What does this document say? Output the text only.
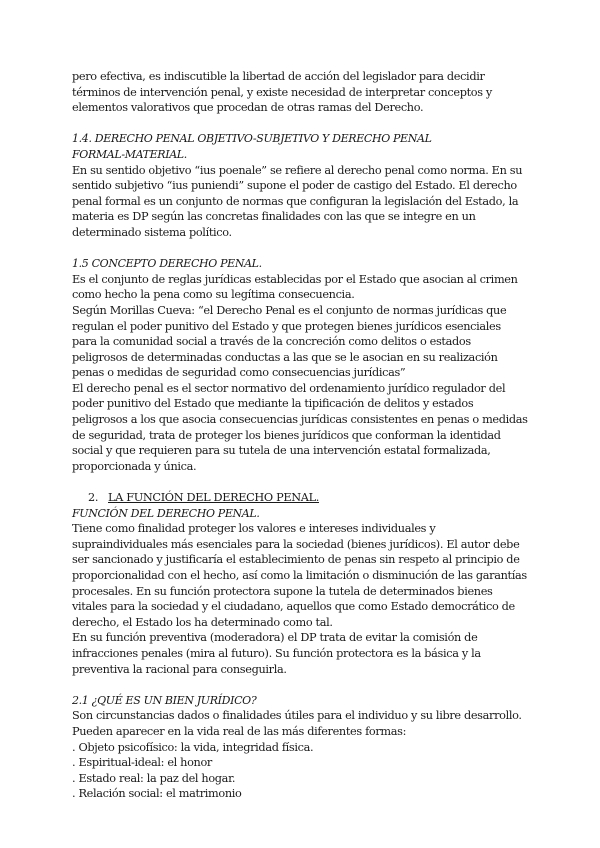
pero efectiva, es indiscutible la libertad de acción del legislador para decidir términos de intervención penal, y existe necesidad de interpretar conceptos y elementos valorativos que procedan de otras ramas del Derecho.

1.4. DERECHO PENAL OBJETIVO-SUBJETIVO Y DERECHO PENAL
FORMAL-MATERIAL.

En su sentido objetivo “ius poenale” se refiere al derecho penal como norma. En su sentido subjetivo “ius puniendi” supone el poder de castigo del Estado. El derecho penal formal es un conjunto de normas que configuran la legislación del Estado, la materia es DP según las concretas finalidades con las que se integre en un determinado sistema político.

1.5 CONCEPTO DERECHO PENAL.

Es el conjunto de reglas jurídicas establecidas por el Estado que asocian al crimen como hecho la pena como su legítima consecuencia.

Según Morillas Cueva: “el Derecho Penal es el conjunto de normas jurídicas que regulan el poder punitivo del Estado y que protegen bienes jurídicos esenciales para la comunidad social a través de la concreción como delitos o estados peligrosos de determinadas conductas a las que se le asocian en su realización penas o medidas de seguridad como consecuencias jurídicas”

El derecho penal es el sector normativo del ordenamiento jurídico regulador del poder punitivo del Estado que mediante la tipificación de delitos y estados peligrosos a los que asocia consecuencias jurídicas consistentes en penas o medidas de seguridad, trata de proteger los bienes jurídicos que conforman la identidad social y que requieren para su tutela de una intervención estatal formalizada, proporcionada y única.

2. LA FUNCIÓN DEL DERECHO PENAL.

FUNCIÓN DEL DERECHO PENAL.

Tiene como finalidad proteger los valores e intereses individuales y supraindividuales más esenciales para la sociedad (bienes jurídicos). El autor debe ser sancionado y justificaría el establecimiento de penas sin respeto al principio de proporcionalidad con el hecho, así como la limitación o disminución de las garantías procesales. En su función protectora supone la tutela de determinados bienes vitales para la sociedad y el ciudadano, aquellos que como Estado democrático de derecho, el Estado los ha determinado como tal.

En su función preventiva (moderadora) el DP trata de evitar la comisión de infracciones penales (mira al futuro). Su función protectora es la básica y la preventiva la racional para conseguirla.

2.1 ¿QUÉ ES UN BIEN JURÍDICO?

Son circunstancias dados o finalidades útiles para el individuo y su libre desarrollo.

Pueden aparecer en la vida real de las más diferentes formas:

. Objeto psicofísico: la vida, integridad física.

. Espiritual-ideal: el honor

. Estado real: la paz del hogar.

. Relación social: el matrimonio
